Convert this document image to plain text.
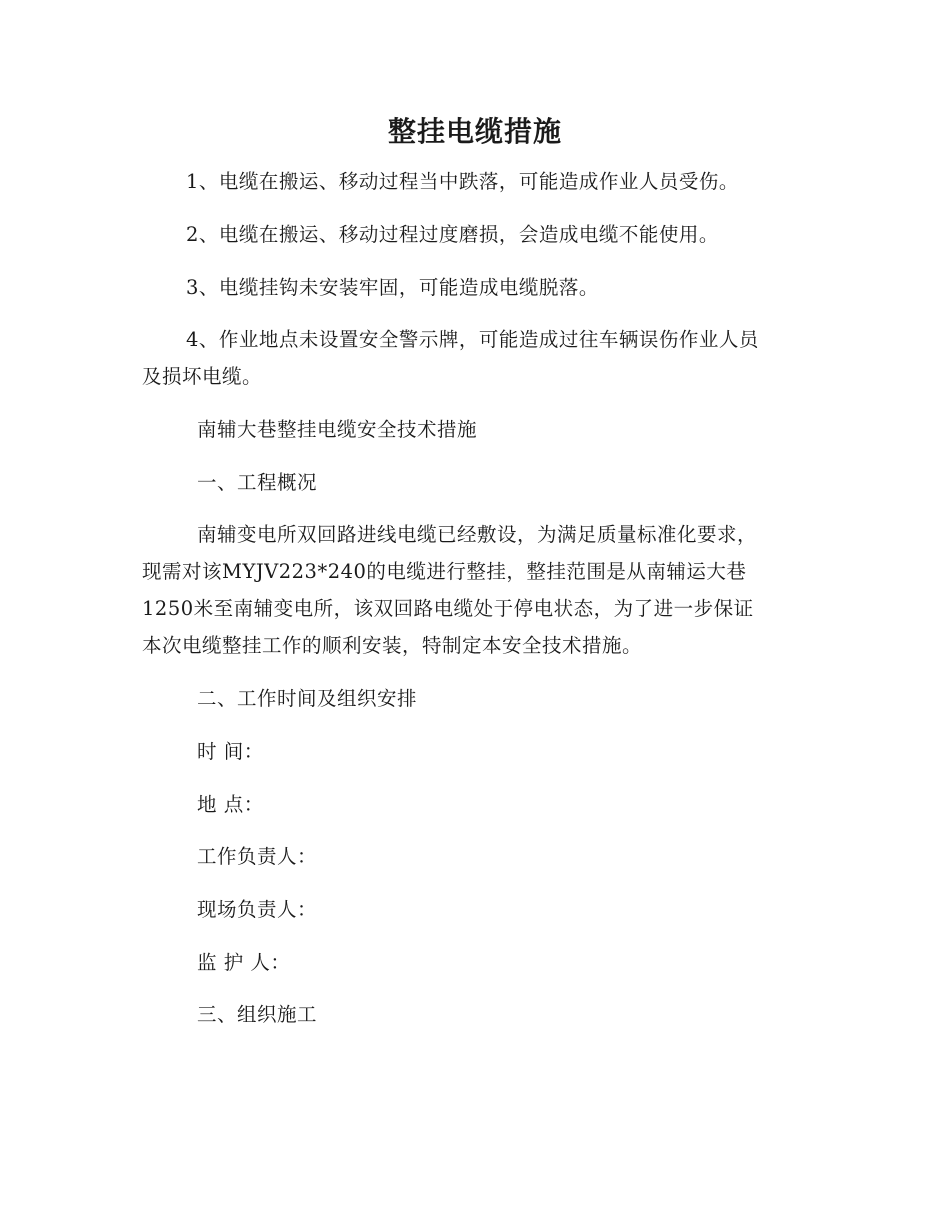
整挂电缆措施
1、电缆在搬运、移动过程当中跌落，可能造成作业人员受伤。
2、电缆在搬运、移动过程过度磨损，会造成电缆不能使用。
3、电缆挂钩未安装牢固，可能造成电缆脱落。
4、作业地点未设置安全警示牌，可能造成过往车辆误伤作业人员
及损坏电缆。
南辅大巷整挂电缆安全技术措施
一、工程概况
南辅变电所双回路进线电缆已经敷设，为满足质量标准化要求，
现需对该MYJV223*240的电缆进行整挂，整挂范围是从南辅运大巷
1250米至南辅变电所，该双回路电缆处于停电状态，为了进一步保证
本次电缆整挂工作的顺利安装，特制定本安全技术措施。
二、工作时间及组织安排
时 间：
地 点：
工作负责人：
现场负责人：
监 护 人：
三、组织施工
